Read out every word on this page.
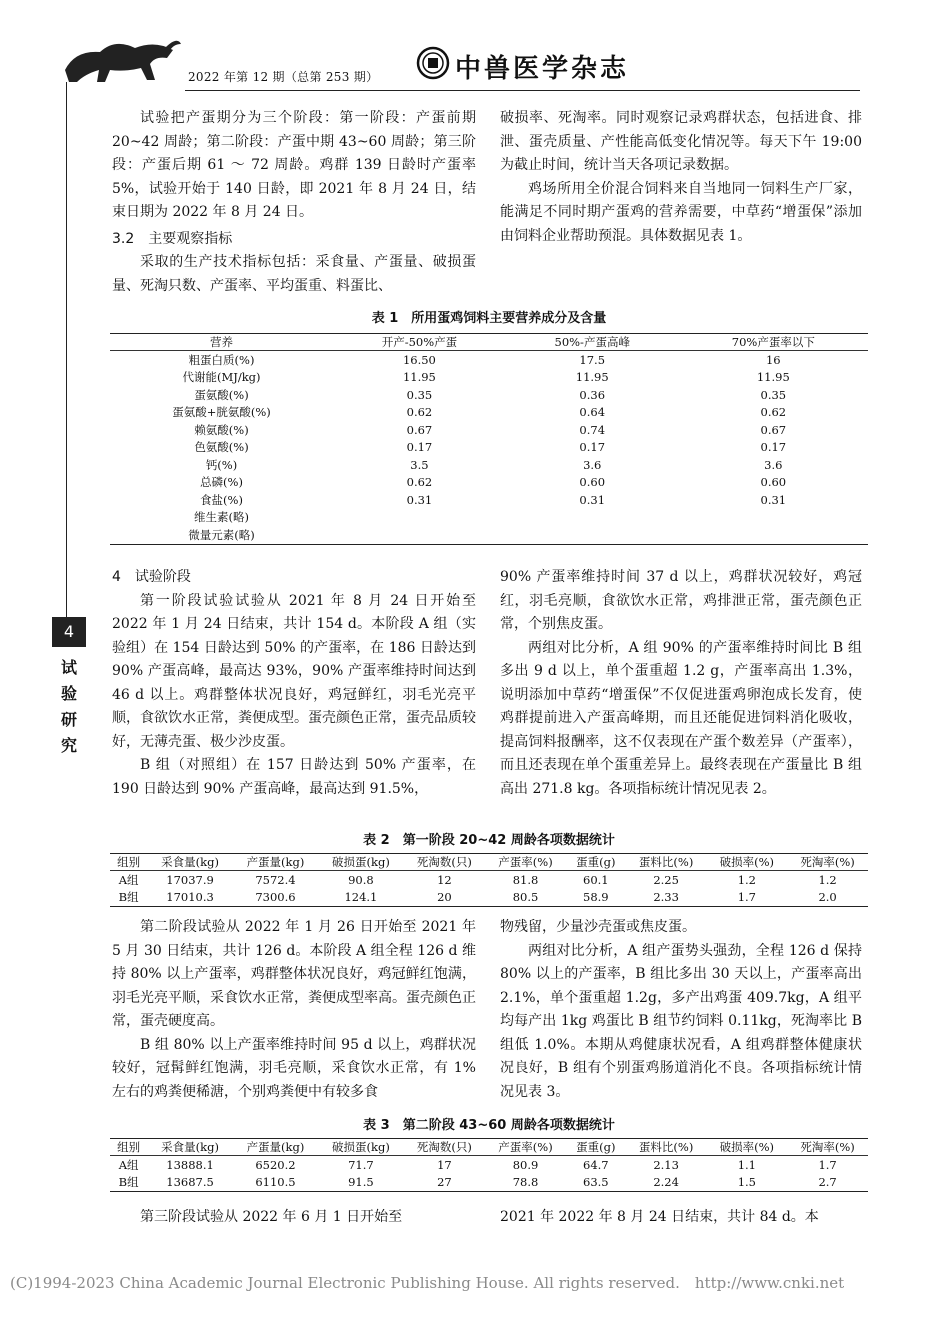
2022 年第 12 期（总第 253 期）	中兽医学杂志
4
试
验
研
究

试验把产蛋期分为三个阶段：第一阶段：产蛋前期 20~42 周龄；第二阶段：产蛋中期 43~60 周龄；第三阶段：产蛋后期 61 ～ 72 周龄。鸡群 139 日龄时产蛋率 5%，试验开始于 140 日龄，即 2021 年 8 月 24 日，结束日期为 2022 年 8 月 24 日。

3.2　主要观察指标

采取的生产技术指标包括：采食量、产蛋量、破损蛋量、死淘只数、产蛋率、平均蛋重、料蛋比、

破损率、死淘率。同时观察记录鸡群状态，包括进食、排泄、蛋壳质量、产性能高低变化情况等。每天下午 19:00 为截止时间，统计当天各项记录数据。

鸡场所用全价混合饲料来自当地同一饲料生产厂家，能满足不同时期产蛋鸡的营养需要，中草药“增蛋保”添加由饲料企业帮助预混。具体数据见表 1。

表 1　所用蛋鸡饲料主要营养成分及含量
营养	开产-50%产蛋	50%-产蛋高峰	70%产蛋率以下
粗蛋白质(%)	16.50	17.5	16
代谢能(MJ/kg)	11.95	11.95	11.95
蛋氨酸(%)	0.35	0.36	0.35
蛋氨酸+胱氨酸(%)	0.62	0.64	0.62
赖氨酸(%)	0.67	0.74	0.67
色氨酸(%)	0.17	0.17	0.17
钙(%)	3.5	3.6	3.6
总磷(%)	0.62	0.60	0.60
食盐(%)	0.31	0.31	0.31
维生素(略)			
微量元素(略)			
4　试验阶段

第一阶段试验试验从 2021 年 8 月 24 日开始至 2022 年 1 月 24 日结束，共计 154 d。本阶段 A 组（实验组）在 154 日龄达到 50% 的产蛋率，在 186 日龄达到 90% 产蛋高峰，最高达 93%，90% 产蛋率维持时间达到 46 d 以上。鸡群整体状况良好，鸡冠鲜红，羽毛光亮平顺，食欲饮水正常，粪便成型。蛋壳颜色正常，蛋壳品质较好，无薄壳蛋、极少沙皮蛋。

B 组（对照组）在 157 日龄达到 50% 产蛋率，在 190 日龄达到 90% 产蛋高峰，最高达到 91.5%，

90% 产蛋率维持时间 37 d 以上，鸡群状况较好，鸡冠红，羽毛亮顺，食欲饮水正常，鸡排泄正常，蛋壳颜色正常，个别焦皮蛋。

两组对比分析，A 组 90% 的产蛋率维持时间比 B 组多出 9 d 以上，单个蛋重超 1.2 g，产蛋率高出 1.3%，说明添加中草药“增蛋保”不仅促进蛋鸡卵泡成长发育，使鸡群提前进入产蛋高峰期，而且还能促进饲料消化吸收，提高饲料报酬率，这不仅表现在产蛋个数差异（产蛋率），而且还表现在单个蛋重差异上。最终表现在产蛋量比 B 组高出 271.8 kg。各项指标统计情况见表 2。

表 2　第一阶段 20~42 周龄各项数据统计
组别	采食量(kg)	产蛋量(kg)	破损蛋(kg)	死淘数(只)	产蛋率(%)	蛋重(g)	蛋料比(%)	破损率(%)	死淘率(%)
A组	17037.9	7572.4	90.8	12	81.8	60.1	2.25	1.2	1.2
B组	17010.3	7300.6	124.1	20	80.5	58.9	2.33	1.7	2.0

第二阶段试验从 2022 年 1 月 26 日开始至 2021 年 5 月 30 日结束，共计 126 d。本阶段 A 组全程 126 d 维持 80% 以上产蛋率，鸡群整体状况良好，鸡冠鲜红饱满，羽毛光亮平顺，采食饮水正常，粪便成型率高。蛋壳颜色正常，蛋壳硬度高。

B 组 80% 以上产蛋率维持时间 95 d 以上，鸡群状况较好，冠髯鲜红饱满，羽毛亮顺，采食饮水正常，有 1% 左右的鸡粪便稀溏，个别鸡粪便中有较多食

物残留，少量沙壳蛋或焦皮蛋。

两组对比分析，A 组产蛋势头强劲，全程 126 d 保持 80% 以上的产蛋率，B 组比多出 30 天以上，产蛋率高出 2.1%，单个蛋重超 1.2g，多产出鸡蛋 409.7kg，A 组平均每产出 1kg 鸡蛋比 B 组节约饲料 0.11kg，死淘率比 B 组低 1.0%。本期从鸡健康状况看，A 组鸡群整体健康状况良好，B 组有个别蛋鸡肠道消化不良。各项指标统计情况见表 3。

表 3　第二阶段 43~60 周龄各项数据统计
组别	采食量(kg)	产蛋量(kg)	破损蛋(kg)	死淘数(只)	产蛋率(%)	蛋重(g)	蛋料比(%)	破损率(%)	死淘率(%)
A组	13888.1	6520.2	71.7	17	80.9	64.7	2.13	1.1	1.7
B组	13687.5	6110.5	91.5	27	78.8	63.5	2.24	1.5	2.7

第三阶段试验从 2022 年 6 月 1 日开始至	2021 年 2022 年 8 月 24 日结束，共计 84 d。本

(C)1994-2023 China Academic Journal Electronic Publishing House. All rights reserved.　http://www.cnki.net
